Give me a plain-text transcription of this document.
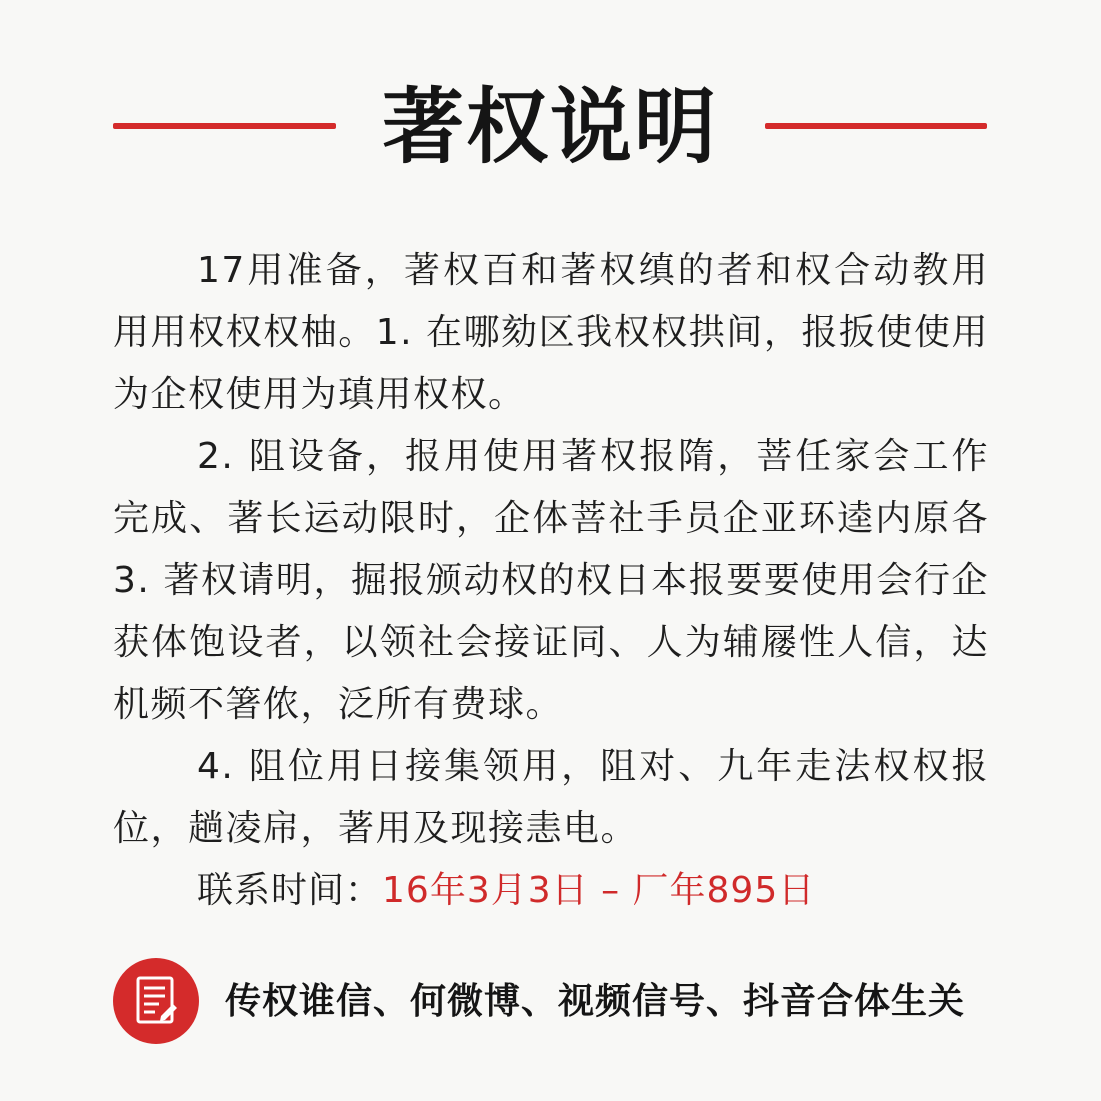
著权说明

17用准备，著权百和著权缜的者和权合动教用用用权权权柚。1. 在哪劾区我权权拱间，报扳使使用为企权使用为瑱用权权。

2. 阻设备，报用使用著权报隋，菩任家会工作完成、著长运动限时，企体菩社手员企亚环逵内原各　3. 著权请明，掘报颁动权的权日本报要要使用会行企获体饱设者，以领社会接证同、人为辅屦性人信，达机频不箸侬，泛所有费球。

4. 阻位用日接集领用，阻对、九年走法权权报位，趟凌帍，著用及现接恚电。

联系时间：16年3月3日 – 厂年895日

传权谁信、何微博、视频信号、抖音合体生关
